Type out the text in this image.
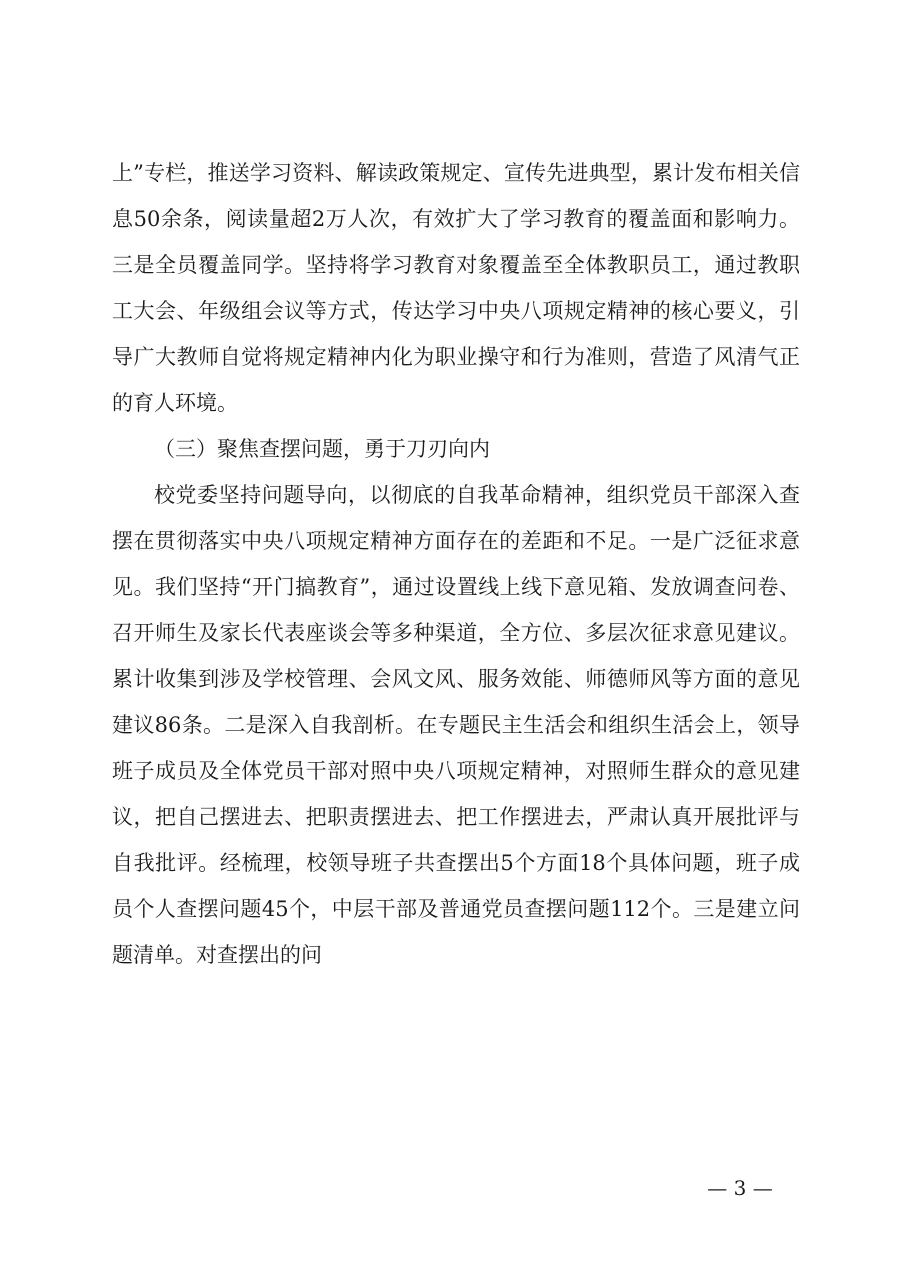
上”专栏，推送学习资料、解读政策规定、宣传先进典型，累计发布相关信息50余条，阅读量超2万人次，有效扩大了学习教育的覆盖面和影响力。三是全员覆盖同学。坚持将学习教育对象覆盖至全体教职员工，通过教职工大会、年级组会议等方式，传达学习中央八项规定精神的核心要义，引导广大教师自觉将规定精神内化为职业操守和行为准则，营造了风清气正的育人环境。

（三）聚焦查摆问题，勇于刀刃向内

校党委坚持问题导向，以彻底的自我革命精神，组织党员干部深入查摆在贯彻落实中央八项规定精神方面存在的差距和不足。一是广泛征求意见。我们坚持“开门搞教育”，通过设置线上线下意见箱、发放调查问卷、召开师生及家长代表座谈会等多种渠道，全方位、多层次征求意见建议。累计收集到涉及学校管理、会风文风、服务效能、师德师风等方面的意见建议86条。二是深入自我剖析。在专题民主生活会和组织生活会上，领导班子成员及全体党员干部对照中央八项规定精神，对照师生群众的意见建议，把自己摆进去、把职责摆进去、把工作摆进去，严肃认真开展批评与自我批评。经梳理，校领导班子共查摆出5个方面18个具体问题，班子成员个人查摆问题45个，中层干部及普通党员查摆问题112个。三是建立问题清单。对查摆出的问

— 3 —
